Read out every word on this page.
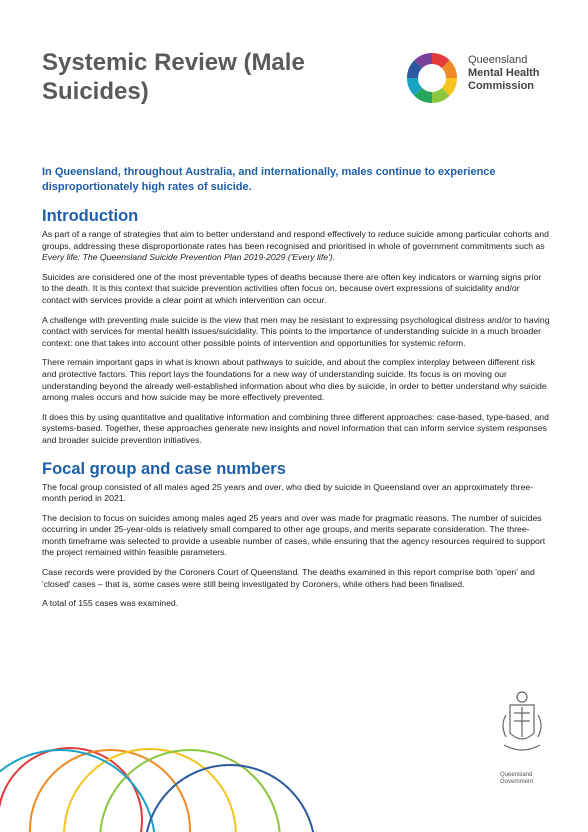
Systemic Review (Male Suicides)
Queensland
Mental Health
Commission
In Queensland, throughout Australia, and internationally, males continue to experience disproportionately high rates of suicide.
Introduction

As part of a range of strategies that aim to better understand and respond effectively to reduce suicide among particular cohorts and groups, addressing these disproportionate rates has been recognised and prioritised in whole of government commitments such as Every life: The Queensland Suicide Prevention Plan 2019-2029 ('Every life').

Suicides are considered one of the most preventable types of deaths because there are often key indicators or warning signs prior to the death. It is this context that suicide prevention activities often focus on, because overt expressions of suicidality and/or contact with services provide a clear point at which intervention can occur.

A challenge with preventing male suicide is the view that men may be resistant to expressing psychological distress and/or to having contact with services for mental health issues/suicidality. This points to the importance of understanding suicide in a much broader context: one that takes into account other possible points of intervention and opportunities for systemic reform.

There remain important gaps in what is known about pathways to suicide, and about the complex interplay between different risk and protective factors. This report lays the foundations for a new way of understanding suicide. Its focus is on moving our understanding beyond the already well-established information about who dies by suicide, in order to better understand why suicide among males occurs and how suicide may be more effectively prevented.

It does this by using quantitative and qualitative information and combining three different approaches: case-based, type-based, and systems-based. Together, these approaches generate new insights and novel information that can inform service system responses and broader suicide prevention initiatives.

Focal group and case numbers

The focal group consisted of all males aged 25 years and over, who died by suicide in Queensland over an approximately three-month period in 2021.

The decision to focus on suicides among males aged 25 years and over was made for pragmatic reasons. The number of suicides occurring in under 25-year-olds is relatively small compared to other age groups, and merits separate consideration. The three-month timeframe was selected to provide a useable number of cases, while ensuring that the agency resources required to support the project remained within feasible parameters.

Case records were provided by the Coroners Court of Queensland. The deaths examined in this report comprise both 'open' and 'closed' cases – that is, some cases were still being investigated by Coroners, while others had been finalised.

A total of 155 cases was examined.

Queensland
Government
